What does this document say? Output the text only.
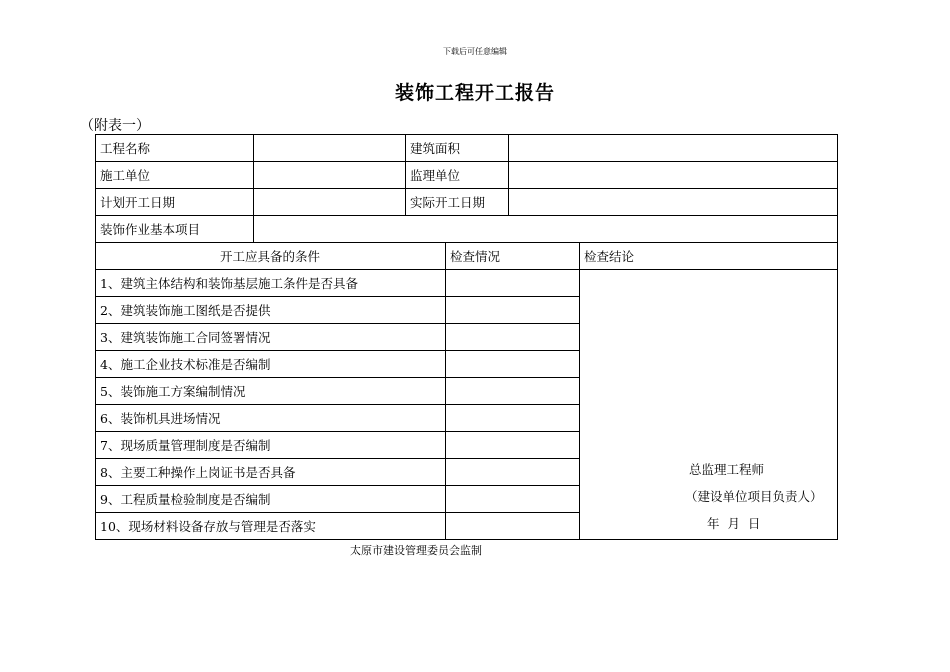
下载后可任意编辑
装饰工程开工报告
（附表一）
工程名称	建筑面积
施工单位	监理单位
计划开工日期	实际开工日期
装饰作业基本项目
开工应具备的条件	检查情况	检查结论
1、建筑主体结构和装饰基层施工条件是否具备
2、建筑装饰施工图纸是否提供
3、建筑装饰施工合同签署情况
4、施工企业技术标准是否编制
5、装饰施工方案编制情况
6、装饰机具进场情况
7、现场质量管理制度是否编制
8、主要工种操作上岗证书是否具备
9、工程质量检验制度是否编制
10、现场材料设备存放与管理是否落实
总监理工程师
（建设单位项目负责人）
年  月  日
太原市建设管理委员会监制
